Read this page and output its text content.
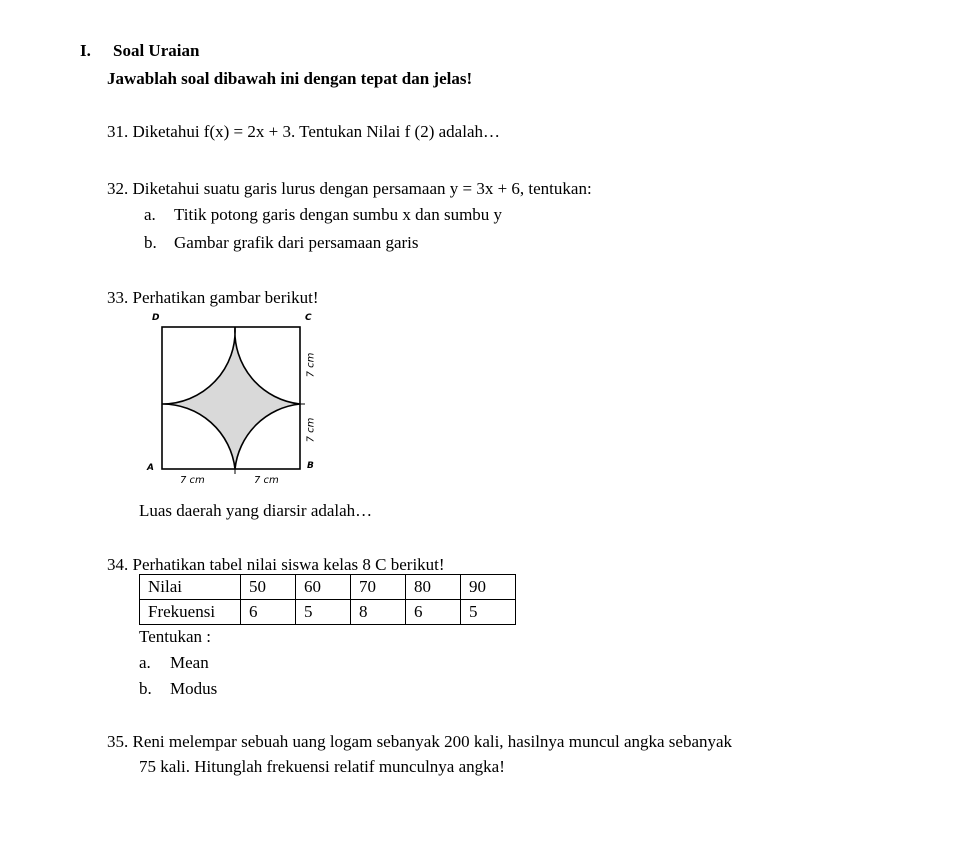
I. Soal Uraian
Jawablah soal dibawah ini dengan tepat dan jelas!
31. Diketahui f(x) = 2x + 3. Tentukan Nilai f (2) adalah…
32. Diketahui suatu garis lurus dengan persamaan y = 3x + 6, tentukan:
a. Titik potong garis dengan sumbu x dan sumbu y
b. Gambar grafik dari persamaan garis
33. Perhatikan gambar berikut!
D	C
A	B
7 cm	7 cm
7 cm
7 cm
Luas daerah yang diarsir adalah…
34. Perhatikan tabel nilai siswa kelas 8 C berikut!
Nilai	50	60	70	80	90
Frekuensi	6	5	8	6	5
Tentukan :
a. Mean
b. Modus
35. Reni melempar sebuah uang logam sebanyak 200 kali, hasilnya muncul angka sebanyak
75 kali. Hitunglah frekuensi relatif munculnya angka!
